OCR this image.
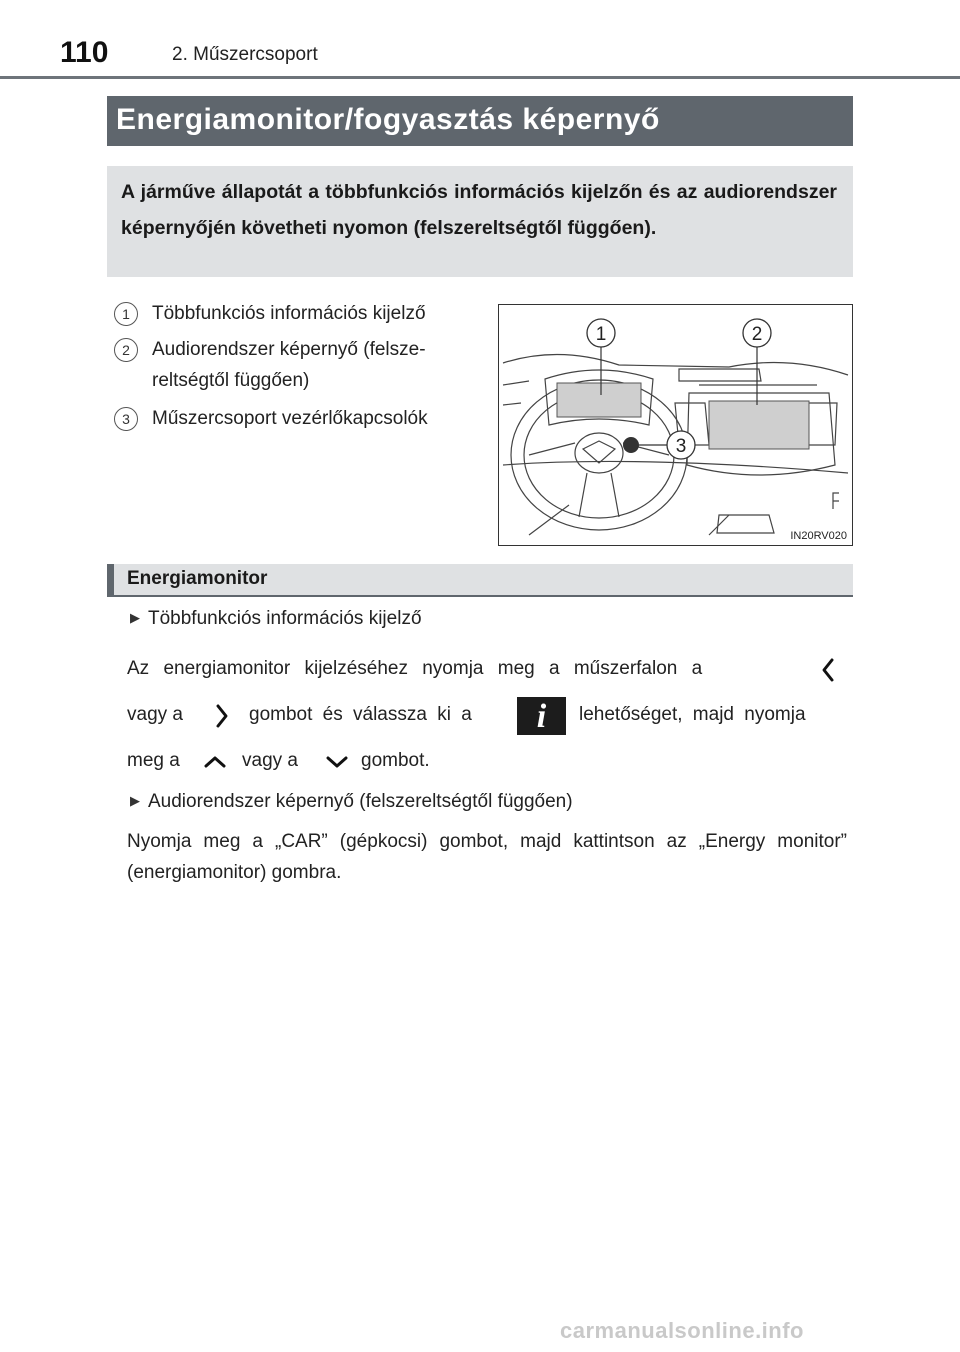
110	2. Műszercsoport
Energiamonitor/fogyasztás képernyő
A járműve állapotát a többfunkciós információs kijelzőn és az audiorendszer képernyőjén követheti nyomon (felszereltségtől függően).
1 Többfunkciós információs kijelző
2 Audiorendszer képernyő (felsze-
reltségtől függően)
3 Műszercsoport vezérlőkapcsolók
1	2
3
IN20RV020
Energiamonitor
▶ Többfunkciós információs kijelző
Az energiamonitor kijelzéséhez nyomja meg a műszerfalon a
vagy a	gombot és válassza ki a	lehetőséget, majd nyomja
i
meg a	vagy a	gombot.
▶ Audiorendszer képernyő (felszereltségtől függően)
Nyomja meg a „CAR” (gépkocsi) gombot, majd kattintson az „Energy monitor” (energiamonitor) gombra.
carmanualsonline.info
